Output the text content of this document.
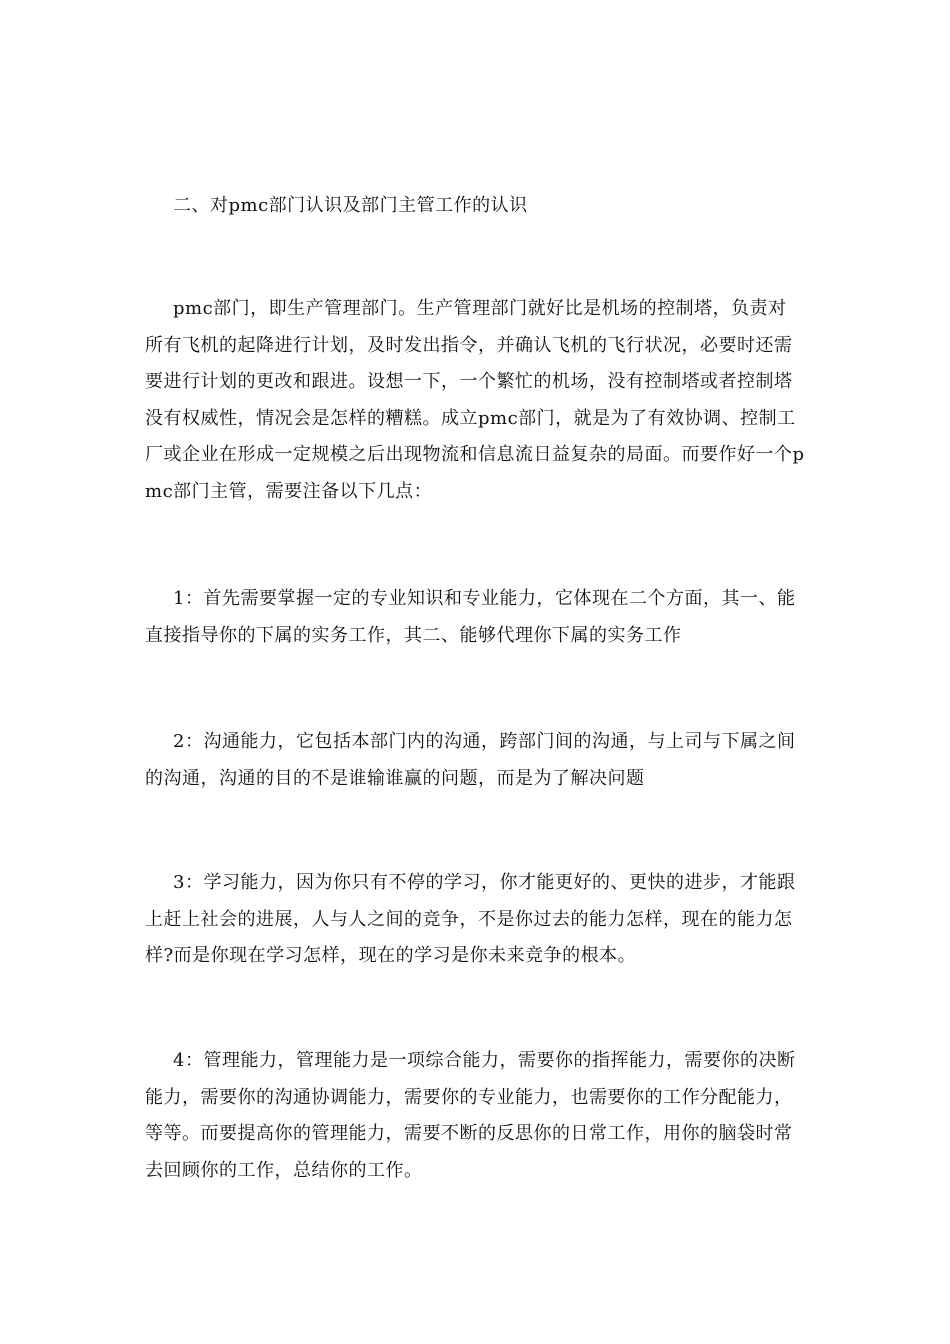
二、对pmc部门认识及部门主管工作的认识

pmc部门，即生产管理部门。生产管理部门就好比是机场的控制塔，负责对所有飞机的起降进行计划，及时发出指令，并确认飞机的飞行状况，必要时还需要进行计划的更改和跟进。设想一下，一个繁忙的机场，没有控制塔或者控制塔没有权威性，情况会是怎样的糟糕。成立pmc部门，就是为了有效协调、控制工厂或企业在形成一定规模之后出现物流和信息流日益复杂的局面。而要作好一个pmc部门主管，需要注备以下几点：

1：首先需要掌握一定的专业知识和专业能力，它体现在二个方面，其一、能直接指导你的下属的实务工作，其二、能够代理你下属的实务工作

2：沟通能力，它包括本部门内的沟通，跨部门间的沟通，与上司与下属之间的沟通，沟通的目的不是谁输谁赢的问题，而是为了解决问题

3：学习能力，因为你只有不停的学习，你才能更好的、更快的进步，才能跟上赶上社会的进展，人与人之间的竞争，不是你过去的能力怎样，现在的能力怎样?而是你现在学习怎样，现在的学习是你未来竞争的根本。

4：管理能力，管理能力是一项综合能力，需要你的指挥能力，需要你的决断能力，需要你的沟通协调能力，需要你的专业能力，也需要你的工作分配能力，等等。而要提高你的管理能力，需要不断的反思你的日常工作，用你的脑袋时常去回顾你的工作，总结你的工作。
